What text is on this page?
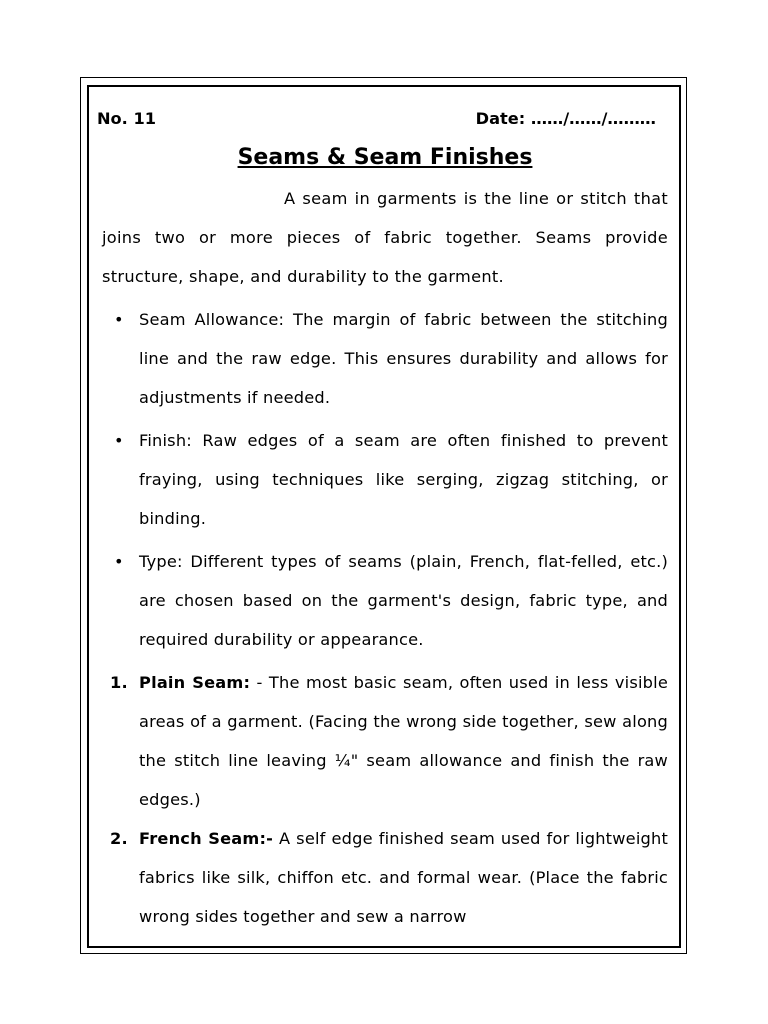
No. 11	Date: ……/……/………
Seams & Seam Finishes

A seam in garments is the line or stitch that joins two or more pieces of fabric together. Seams provide structure, shape, and durability to the garment.

• Seam Allowance: The margin of fabric between the stitching line and the raw edge. This ensures durability and allows for adjustments if needed.
• Finish: Raw edges of a seam are often finished to prevent fraying, using techniques like serging, zigzag stitching, or binding.
• Type: Different types of seams (plain, French, flat-felled, etc.) are chosen based on the garment's design, fabric type, and required durability or appearance.
1. Plain Seam: - The most basic seam, often used in less visible areas of a garment. (Facing the wrong side together, sew along the stitch line leaving ¼" seam allowance and finish the raw edges.)
2. French Seam:- A self edge finished seam used for lightweight fabrics like silk, chiffon etc. and formal wear. (Place the fabric wrong sides together and sew a narrow
